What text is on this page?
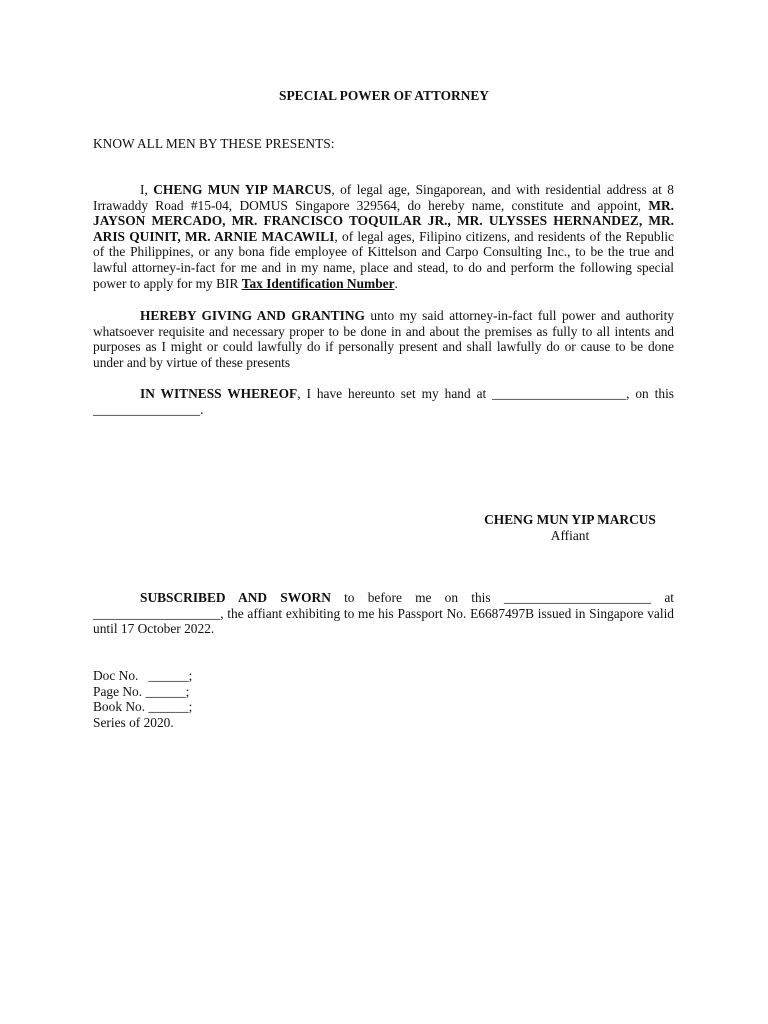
SPECIAL POWER OF ATTORNEY
KNOW ALL MEN BY THESE PRESENTS:
I, CHENG MUN YIP MARCUS, of legal age, Singaporean, and with residential address at 8 Irrawaddy Road #15-04, DOMUS Singapore 329564, do hereby name, constitute and appoint, MR. JAYSON MERCADO, MR. FRANCISCO TOQUILAR JR., MR. ULYSSES HERNANDEZ, MR. ARIS QUINIT, MR. ARNIE MACAWILI, of legal ages, Filipino citizens, and residents of the Republic of the Philippines, or any bona fide employee of Kittelson and Carpo Consulting Inc., to be the true and lawful attorney-in-fact for me and in my name, place and stead, to do and perform the following special power to apply for my BIR Tax Identification Number.
HEREBY GIVING AND GRANTING unto my said attorney-in-fact full power and authority whatsoever requisite and necessary proper to be done in and about the premises as fully to all intents and purposes as I might or could lawfully do if personally present and shall lawfully do or cause to be done under and by virtue of these presents
IN WITNESS WHEREOF, I have hereunto set my hand at ____________________, on this ________________.
CHENG MUN YIP MARCUS
Affiant
SUBSCRIBED AND SWORN to before me on this ______________________ at ___________________, the affiant exhibiting to me his Passport No. E6687497B issued in Singapore valid until 17 October 2022.
Doc No.   ______;
Page No. ______;
Book No. ______;
Series of 2020.
